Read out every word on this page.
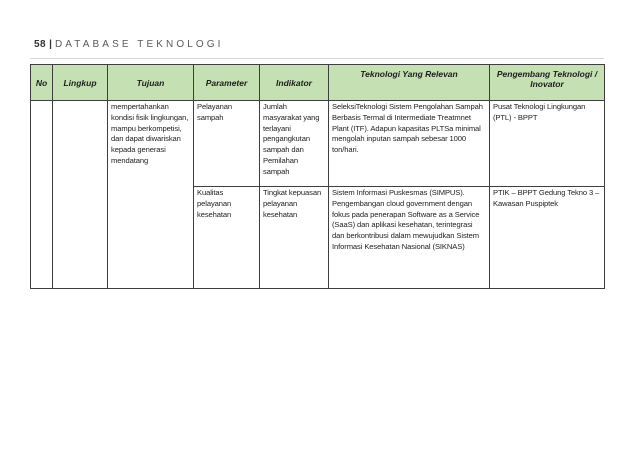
58 | DATABASE TEKNOLOGI
No	Lingkup	Tujuan	Parameter	Indikator	Teknologi Yang Relevan	Pengembang Teknologi / Inovator
		mempertahankan kondisi fisik lingkungan, mampu berkompetisi, dan dapat diwariskan kepada generasi mendatang	Pelayanan sampah	Jumlah masyarakat yang terlayani pengangkutan sampah dan Pemilahan sampah	SeleksiTeknologi Sistem Pengolahan Sampah Berbasis Termal di Intermediate Treatmnet Plant (ITF). Adapun kapasitas PLTSa minimal mengolah inputan sampah sebesar 1000 ton/hari.	Pusat Teknologi Lingkungan (PTL) - BPPT
			Kualitas pelayanan kesehatan	Tingkat kepuasan pelayanan kesehatan	Sistem Informasi Puskesmas (SIMPUS). Pengembangan cloud government dengan fokus pada penerapan Software as a Service (SaaS) dan aplikasi kesehatan, terintegrasi dan berkontribusi dalam mewujudkan Sistem Informasi Kesehatan Nasional (SIKNAS)	PTIK – BPPT Gedung Tekno 3 – Kawasan Puspiptek
